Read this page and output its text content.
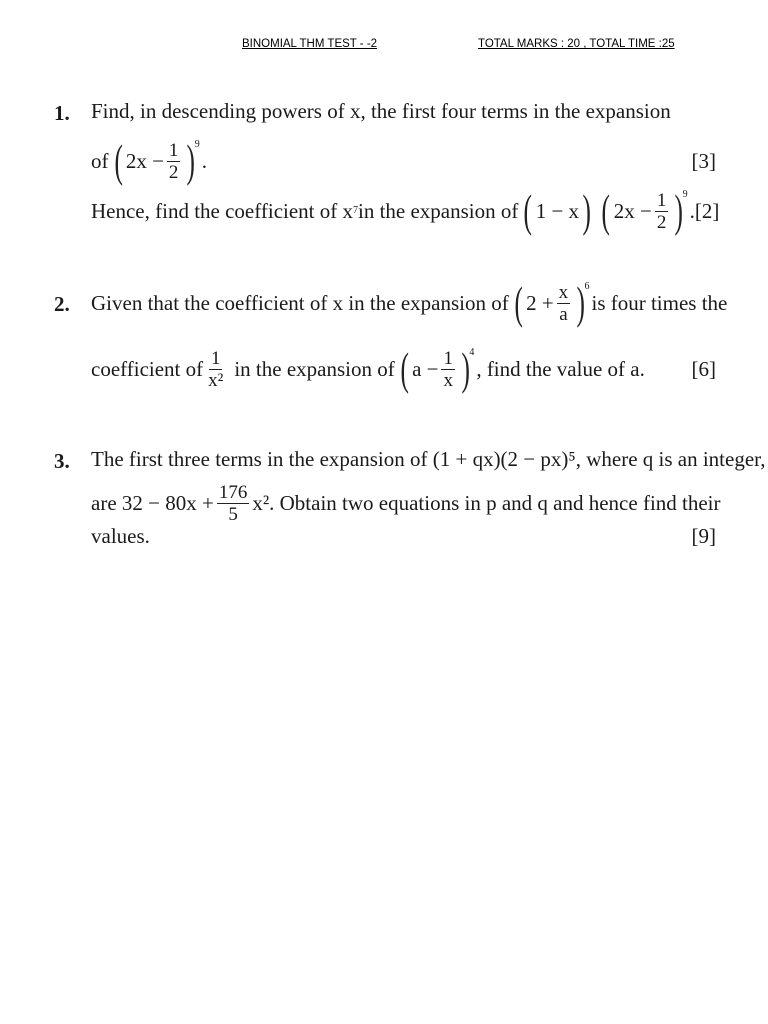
BINOMIAL THM TEST - -2	TOTAL MARKS : 20 , TOTAL TIME :25
1. Find, in descending powers of x, the first four terms in the expansion
of ( $2x - \frac{1}{2}$ ) 9
.	[3]
Hence, find the coefficient of x 7 in the expansion of ( 1 − x ) ( $2x - \frac{1}{2}$ ) 9
. [2]
2. Given that the coefficient of x in the expansion of ( $2 + \frac{x}{a}$ ) 6
is four times the
coefficient of $\frac{1}{\text{x²}}$ in the expansion of ( $a - \frac{1}{x}$ ) 4
, find the value of a. [6]
3. The first three terms in the expansion of (1 + qx)(2 − px)⁵, where q is an integer,
are $32 - 80x + \frac{176}{5} x^2$. Obtain two equations in p and q and hence find their
values.	[9]
